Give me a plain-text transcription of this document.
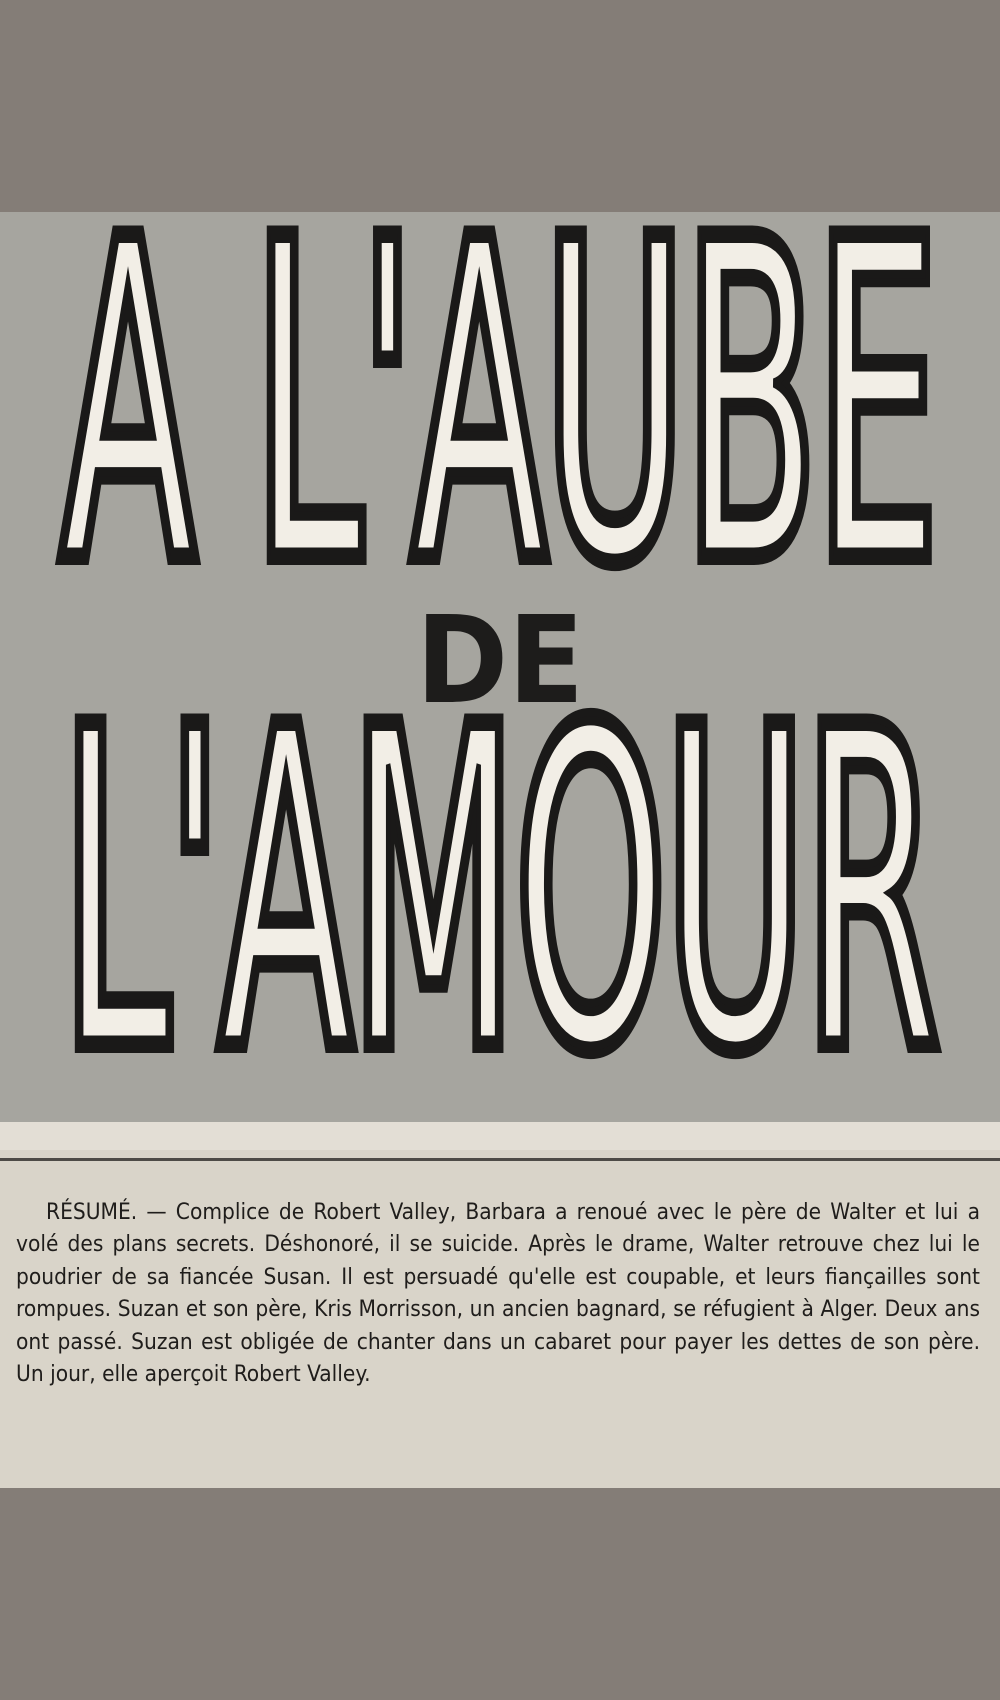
A L'AUBE
A L'AUBE
DE
L'AMOUR
L'AMOUR

RÉSUMÉ. — Complice de Robert Valley, Barbara a renoué avec le père de Walter et lui a volé des plans secrets. Déshonoré, il se suicide. Après le drame, Walter retrouve chez lui le poudrier de sa fiancée Susan. Il est persuadé qu'elle est coupable, et leurs fiançailles sont rompues. Suzan et son père, Kris Morrisson, un ancien bagnard, se réfugient à Alger. Deux ans ont passé. Suzan est obligée de chanter dans un cabaret pour payer les dettes de son père. Un jour, elle aperçoit Robert Valley.
